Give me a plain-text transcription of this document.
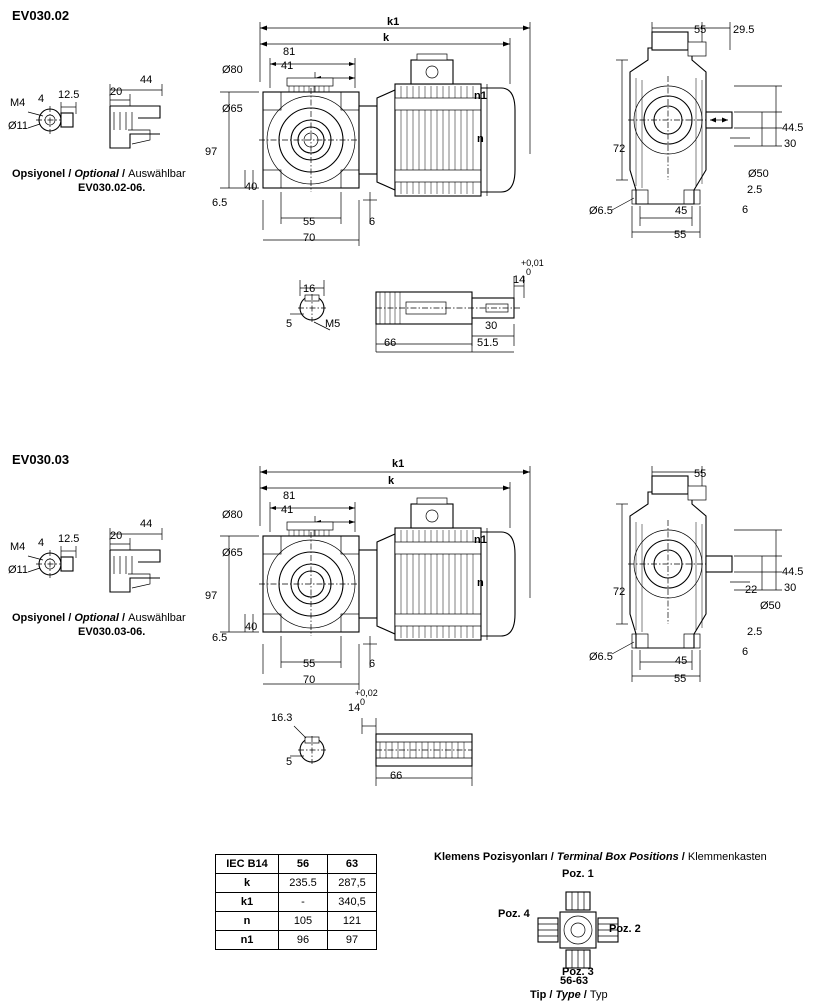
EV030.02
M4 4
Ø11
12.5	20
44
Opsiyonel / Optional / Auswählbar
EV030.02-06.
k1
k
81
41
Ø80
Ø65
n1
n
97
40
6.5
55
70
6
55 29.5
72
44.5
30
Ø50
2.5
6
Ø6.5	45
55
16
5	M5
14
+0,01
0
30
51.5
66
EV030.03
M4 4
Ø11
12.5	20
44
Opsiyonel / Optional / Auswählbar
EV030.03-06.
k1
k
81
41
Ø80
Ø65
n1
n
97
40
6.5
55
70
6
55
72
44.5
30
22
Ø50
2.5
6
Ø6.5	45
55
16.3
5
14
+0,02
0
66
IEC B14	56	63
k	235.5	287,5
k1	-	340,5
n	105	121
n1	96	97
Klemens Pozisyonları / Terminal Box Positions / Klemmenkasten
Poz. 1
Poz. 2
Poz. 3
Poz. 4
56-63
Tip / Type / Typ
